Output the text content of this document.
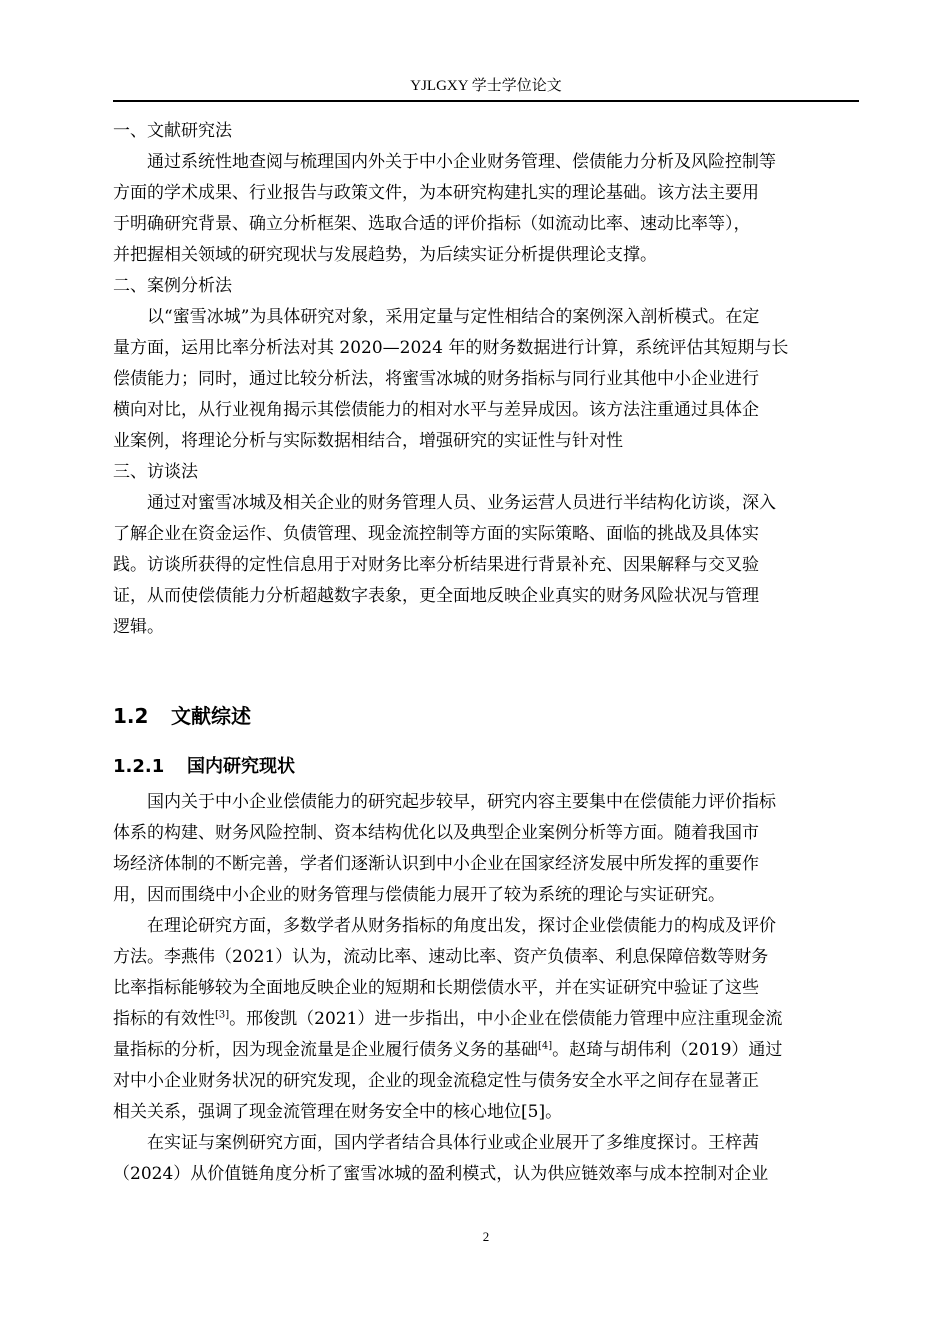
YJLGXY 学士学位论文

一、文献研究法

通过系统性地查阅与梳理国内外关于中小企业财务管理、偿债能力分析及风险控制等
方面的学术成果、行业报告与政策文件，为本研究构建扎实的理论基础。该方法主要用
于明确研究背景、确立分析框架、选取合适的评价指标（如流动比率、速动比率等），
并把握相关领域的研究现状与发展趋势，为后续实证分析提供理论支撑。

二、案例分析法

以“蜜雪冰城”为具体研究对象，采用定量与定性相结合的案例深入剖析模式。在定
量方面，运用比率分析法对其 2020—2024 年的财务数据进行计算，系统评估其短期与长
偿债能力；同时，通过比较分析法，将蜜雪冰城的财务指标与同行业其他中小企业进行
横向对比，从行业视角揭示其偿债能力的相对水平与差异成因。该方法注重通过具体企
业案例，将理论分析与实际数据相结合，增强研究的实证性与针对性

三、访谈法

通过对蜜雪冰城及相关企业的财务管理人员、业务运营人员进行半结构化访谈，深入
了解企业在资金运作、负债管理、现金流控制等方面的实际策略、面临的挑战及具体实
践。访谈所获得的定性信息用于对财务比率分析结果进行背景补充、因果解释与交叉验
证，从而使偿债能力分析超越数字表象，更全面地反映企业真实的财务风险状况与管理
逻辑。

1.2 文献综述
1.2.1 国内研究现状

国内关于中小企业偿债能力的研究起步较早，研究内容主要集中在偿债能力评价指标
体系的构建、财务风险控制、资本结构优化以及典型企业案例分析等方面。随着我国市
场经济体制的不断完善，学者们逐渐认识到中小企业在国家经济发展中所发挥的重要作
用，因而围绕中小企业的财务管理与偿债能力展开了较为系统的理论与实证研究。

在理论研究方面，多数学者从财务指标的角度出发，探讨企业偿债能力的构成及评价
方法。李燕伟（2021）认为，流动比率、速动比率、资产负债率、利息保障倍数等财务
比率指标能够较为全面地反映企业的短期和长期偿债水平，并在实证研究中验证了这些
指标的有效性[3]。邢俊凯（2021）进一步指出，中小企业在偿债能力管理中应注重现金流
量指标的分析，因为现金流量是企业履行债务义务的基础[4]。赵琦与胡伟利（2019）通过
对中小企业财务状况的研究发现，企业的现金流稳定性与债务安全水平之间存在显著正
相关关系，强调了现金流管理在财务安全中的核心地位[5]。

在实证与案例研究方面，国内学者结合具体行业或企业展开了多维度探讨。王梓茜
（2024）从价值链角度分析了蜜雪冰城的盈利模式，认为供应链效率与成本控制对企业

2
